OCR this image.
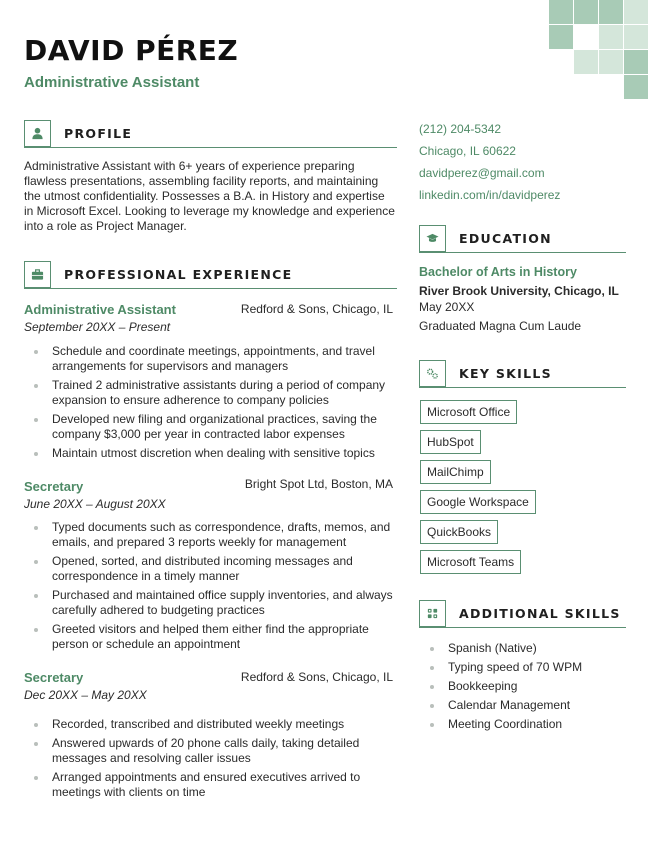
DAVID PÉREZ
Administrative Assistant
PROFILE
Administrative Assistant with 6+ years of experience preparing flawless presentations, assembling facility reports, and maintaining the utmost confidentiality. Possesses a B.A. in History and expertise in Microsoft Excel. Looking to leverage my knowledge and experience into a role as Project Manager.
PROFESSIONAL EXPERIENCE
Administrative Assistant	Redford & Sons, Chicago, IL
September 20XX – Present
Schedule and coordinate meetings, appointments, and travel arrangements for supervisors and managers
Trained 2 administrative assistants during a period of company expansion to ensure adherence to company policies
Developed new filing and organizational practices, saving the company $3,000 per year in contracted labor expenses
Maintain utmost discretion when dealing with sensitive topics
Secretary	Bright Spot Ltd, Boston, MA
June 20XX – August 20XX
Typed documents such as correspondence, drafts, memos, and emails, and prepared 3 reports weekly for management
Opened, sorted, and distributed incoming messages and correspondence in a timely manner
Purchased and maintained office supply inventories, and always carefully adhered to budgeting practices
Greeted visitors and helped them either find the appropriate person or schedule an appointment
Secretary	Redford & Sons, Chicago, IL
Dec 20XX – May 20XX
Recorded, transcribed and distributed weekly meetings
Answered upwards of 20 phone calls daily, taking detailed messages and resolving caller issues
Arranged appointments and ensured executives arrived to meetings with clients on time
(212) 204-5342
Chicago, IL 60622
davidperez@gmail.com
linkedin.com/in/davidperez
EDUCATION
Bachelor of Arts in History
River Brook University, Chicago, IL
May 20XX
Graduated Magna Cum Laude
KEY SKILLS
Microsoft Office
HubSpot
MailChimp
Google Workspace
QuickBooks
Microsoft Teams
ADDITIONAL SKILLS
Spanish (Native)
Typing speed of 70 WPM
Bookkeeping
Calendar Management
Meeting Coordination
